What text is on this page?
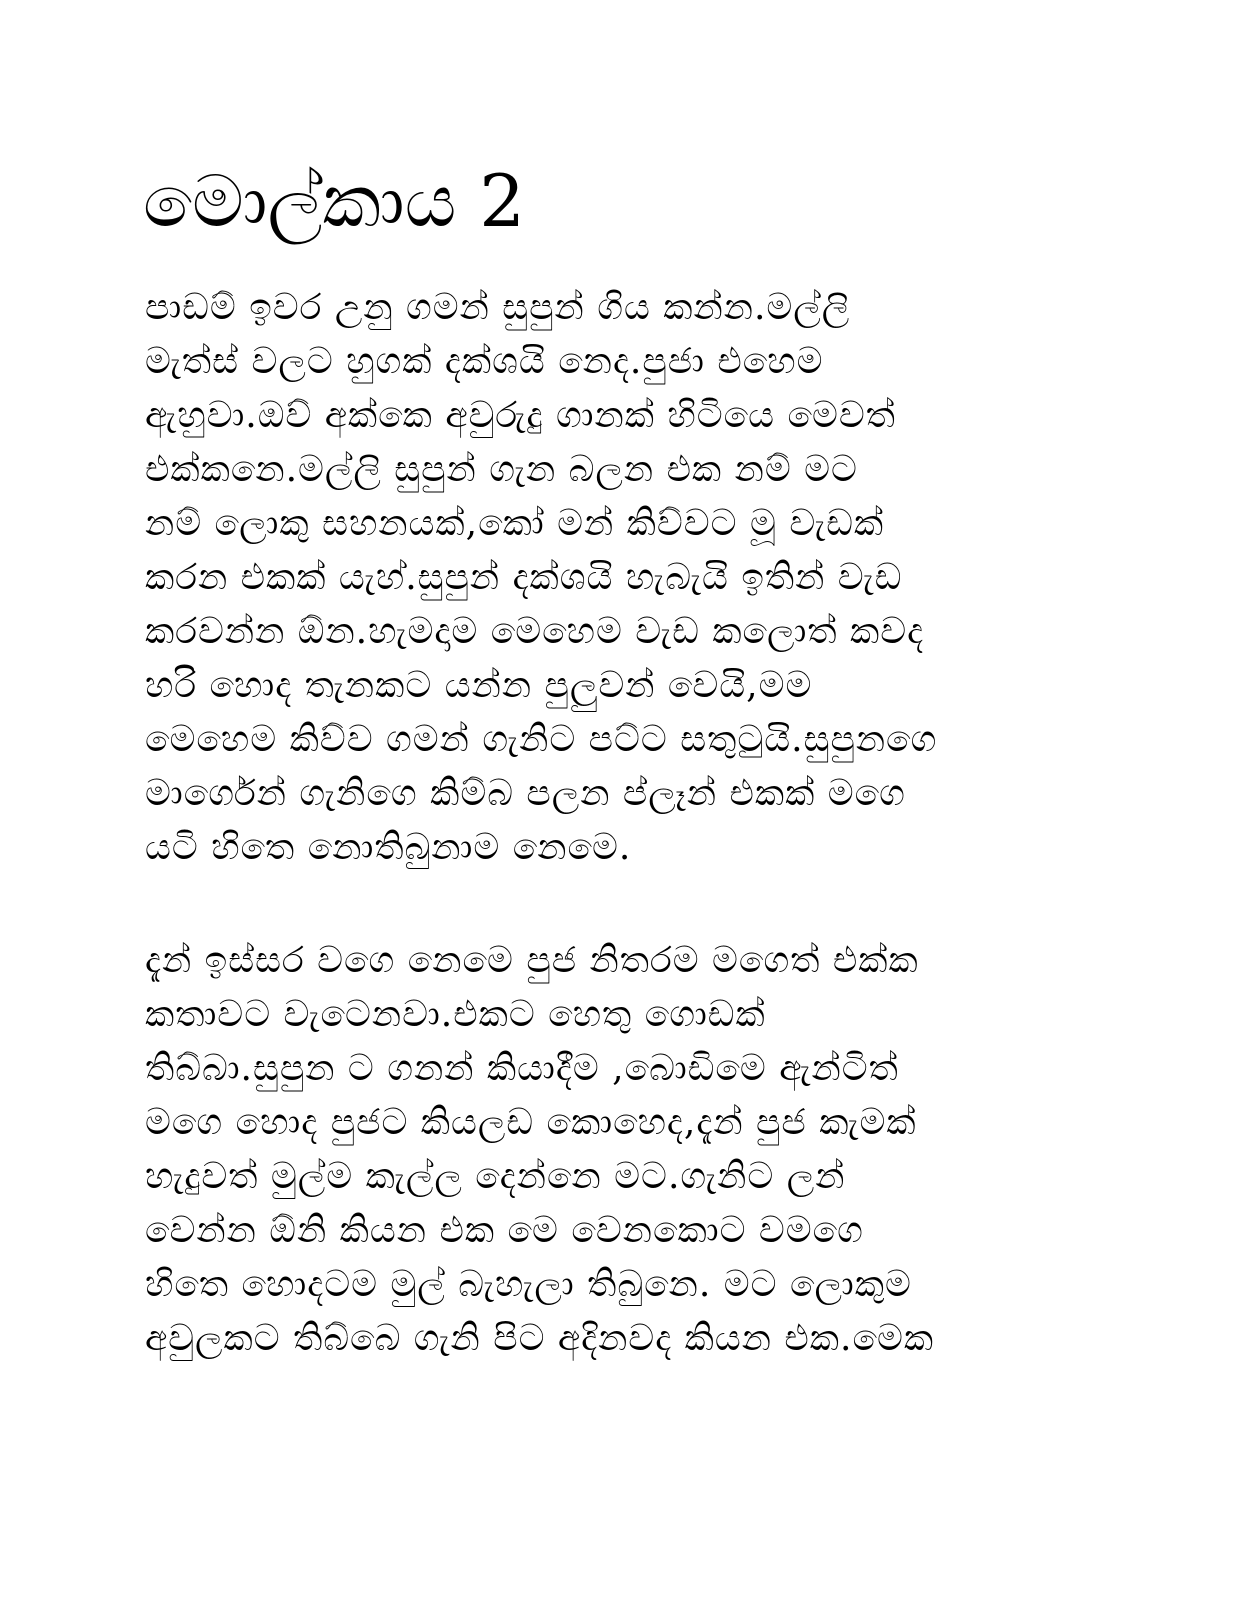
මොල්කාය 2
පාඩම් ඉවර උනු ගමන් සුපුන් ගිය කන්න.මල්ලි
මැත්ස් වලට හුගක් දක්ශයි නෙද.පුජා එහෙම
ඇහුවා.ඔව් අක්කෙ අවුරුදු ගානක් හිටියෙ මෙවත්
එක්කනෙ.මල්ලි සුපුන් ගැන බලන එක නම් මට
නම් ලොකු සහනයක්,කෝ මන් කිව්වට මූ වැඩක්
කරන එකක් යැහ්.සුපුන් දක්ශයි හැබැයි ඉතින් වැඩ
කරවන්න ඕන.හැමදාම මෙහෙම වැඩ කලොත් කවද
හරි හොද තැනකට යන්න පුලුවන් වෙයි,මම
මෙහෙම කිව්ව ගමන් ගැනිට පට්ට සතුටුයි.සුපුනගෙ
මාර්ගෙන් ගැනිගෙ කිම්බ පලන ප්ලෑන් එකක් මගෙ
යටි හිතෙ නොතිබුනාම නෙමෙ.
දැන් ඉස්සර වගෙ නෙමෙ පුජ නිතරම මගෙත් එක්ක
කතාවට වැටෙනවා.එකට හෙතු ගොඩක්
තිබ්බා.සුපුන ට ගනන් කියාදීම ,බොඩිමෙ ඇන්ටිත්
මගෙ හොද පුජට කියලඩ කොහෙද,දැන් පුජ කැමක්
හැදුවත් මුල්ම කැල්ල දෙන්නෙ මට.ගැනිට ලන්
වෙන්න ඕනි කියන එක මෙ වෙනකොට වමගෙ
හිතෙ හොදටම මුල් බැහැලා තිබුනෙ. මට ලොකුම
අවුලකට තිබ්බෙ ගැනි පිට අදිනවද කියන එක.මෙක
